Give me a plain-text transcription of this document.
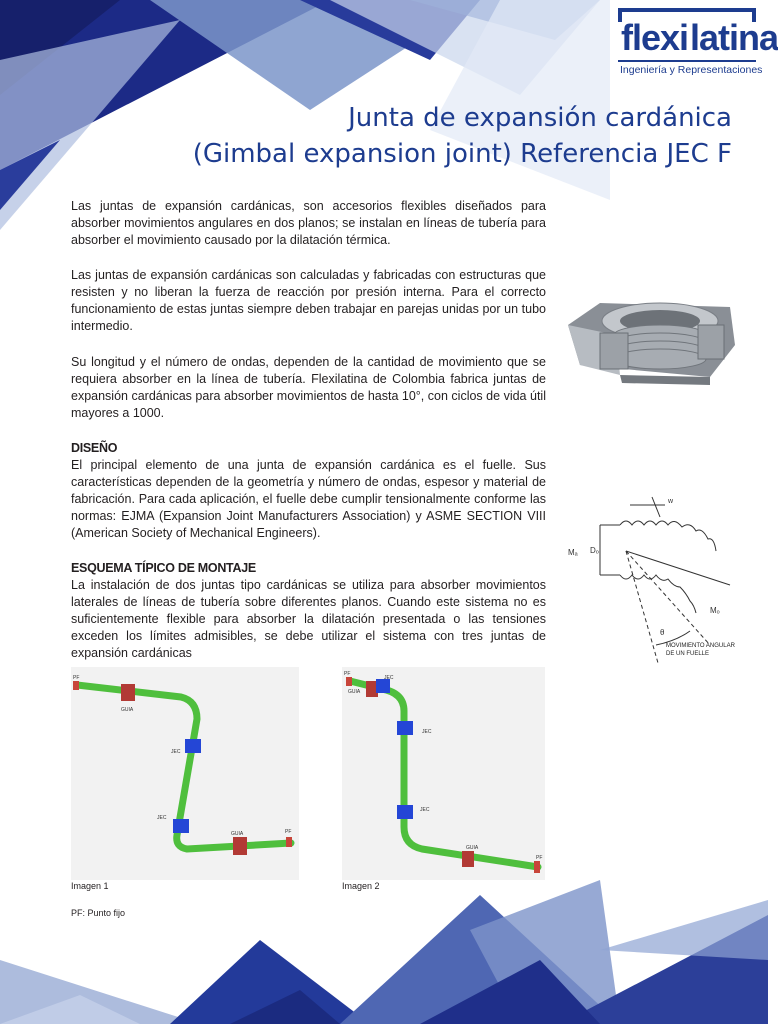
flexi latina
Ingeniería y Representaciones
Junta de expansión cardánica
(Gimbal expansion joint) Referencia JEC F

Las juntas de expansión cardánicas, son accesorios flexibles diseñados para absorber movimientos angulares en dos planos; se instalan en líneas de tubería para absorber el movimiento causado por la dilatación térmica.

Las juntas de expansión cardánicas son calculadas y fabricadas con estructuras que resisten y no liberan la fuerza de reacción por presión interna. Para el correcto funcionamiento de estas juntas siempre deben trabajar en parejas unidas por un tubo intermedio.

Su longitud y el número de ondas, dependen de la cantidad de movimiento que se requiera absorber en la línea de tubería. Flexilatina de Colombia fabrica juntas de expansión cardánicas para absorber movimientos de hasta 10°, con ciclos de vida útil mayores a 1000.

DISEÑO

El principal elemento de una junta de expansión cardánica es el fuelle. Sus características dependen de la geometría y número de ondas, espesor y material de fabricación. Para cada aplicación, el fuelle debe cumplir tensionalmente conforme las normas: EJMA (Expansion Joint Manufacturers Association) y ASME SECTION VIII (American Society of Mechanical Engineers).

ESQUEMA TÍPICO DE MONTAJE

La instalación de dos juntas tipo cardánicas se utiliza para absorber movimientos laterales de líneas de tubería sobre diferentes planos. Cuando este sistema no es suficientemente flexible para absorber la dilatación presentada o las tensiones exceden los límites admisibles, se debe utilizar el sistema con tres juntas de expansión cardánicas

Mₐ Dₒ
Mₒ
θ
w
MOVIMIENTO ANGULAR
DE UN FUELLE
PF
GUIA
JEC
JEC
GUIA	PF
Imagen 1
PF
GUIA
JEC
JEC
JEC
GUIA
PF
Imagen 2
PF: Punto fijo
